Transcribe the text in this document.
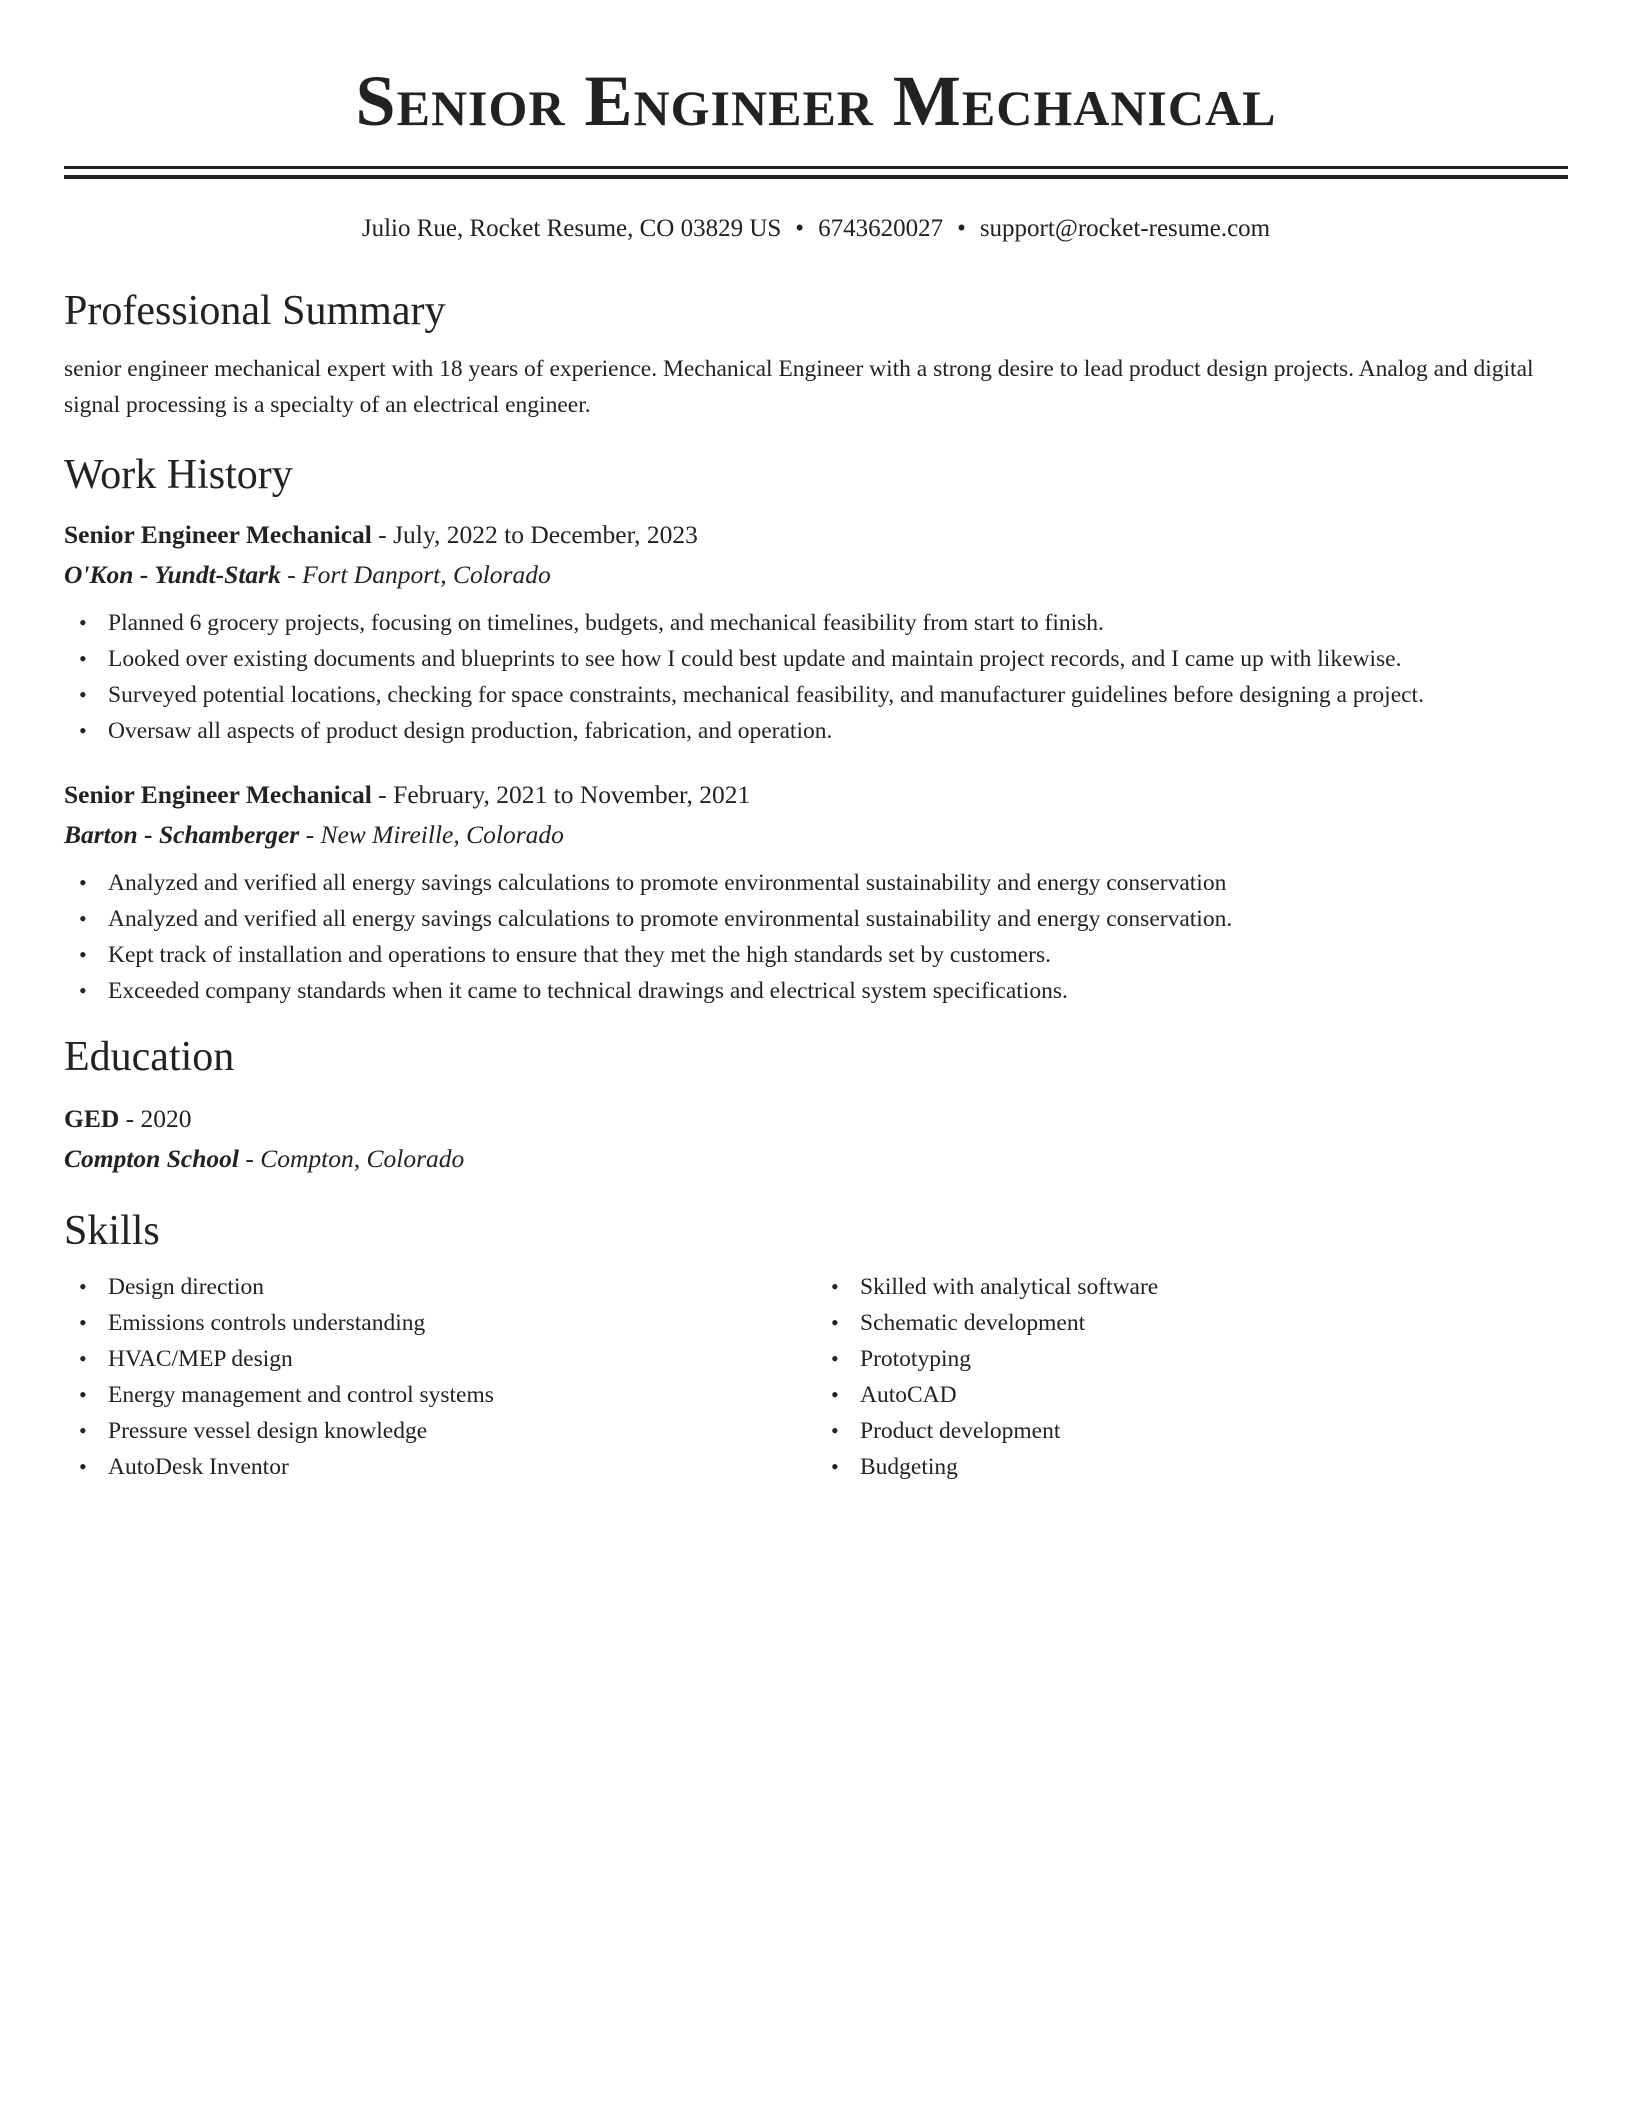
Senior Engineer Mechanical
Julio Rue, Rocket Resume, CO 03829 US • 6743620027 • support@rocket-resume.com
Professional Summary
senior engineer mechanical expert with 18 years of experience. Mechanical Engineer with a strong desire to lead product design projects. Analog and digital signal processing is a specialty of an electrical engineer.
Work History
Senior Engineer Mechanical - July, 2022 to December, 2023
O'Kon - Yundt-Stark - Fort Danport, Colorado
• Planned 6 grocery projects, focusing on timelines, budgets, and mechanical feasibility from start to finish.
• Looked over existing documents and blueprints to see how I could best update and maintain project records, and I came up with likewise.
• Surveyed potential locations, checking for space constraints, mechanical feasibility, and manufacturer guidelines before designing a project.
• Oversaw all aspects of product design production, fabrication, and operation.
Senior Engineer Mechanical - February, 2021 to November, 2021
Barton - Schamberger - New Mireille, Colorado
• Analyzed and verified all energy savings calculations to promote environmental sustainability and energy conservation
• Analyzed and verified all energy savings calculations to promote environmental sustainability and energy conservation.
• Kept track of installation and operations to ensure that they met the high standards set by customers.
• Exceeded company standards when it came to technical drawings and electrical system specifications.
Education
GED - 2020
Compton School - Compton, Colorado
Skills
• Design direction
• Emissions controls understanding
• HVAC/MEP design
• Energy management and control systems
• Pressure vessel design knowledge
• AutoDesk Inventor
• Skilled with analytical software
• Schematic development
• Prototyping
• AutoCAD
• Product development
• Budgeting
